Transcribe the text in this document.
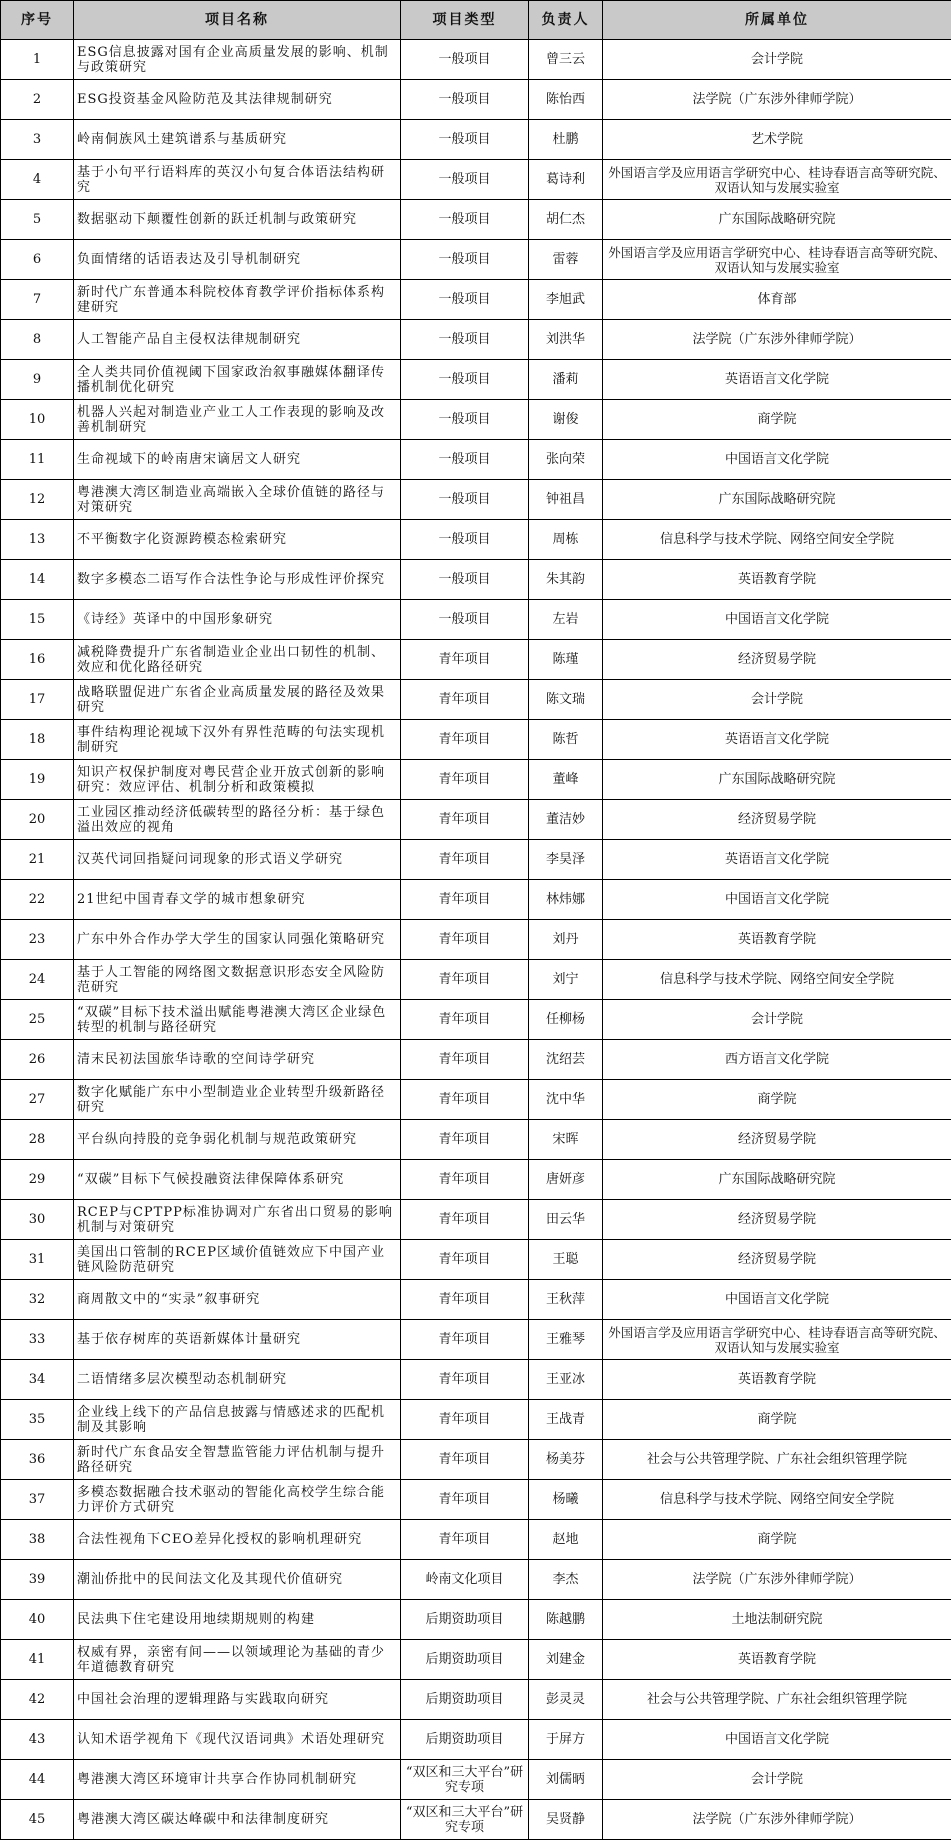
序号	项目名称	项目类型	负责人	所属单位
1	ESG信息披露对国有企业高质量发展的影响、机制与政策研究	一般项目	曾三云	会计学院
2	ESG投资基金风险防范及其法律规制研究	一般项目	陈怡西	法学院（广东涉外律师学院）
3	岭南侗族风土建筑谱系与基质研究	一般项目	杜鹏	艺术学院
4	基于小句平行语料库的英汉小句复合体语法结构研究	一般项目	葛诗利	外国语言学及应用语言学研究中心、桂诗春语言高等研究院、双语认知与发展实验室
5	数据驱动下颠覆性创新的跃迁机制与政策研究	一般项目	胡仁杰	广东国际战略研究院
6	负面情绪的话语表达及引导机制研究	一般项目	雷蓉	外国语言学及应用语言学研究中心、桂诗春语言高等研究院、双语认知与发展实验室
7	新时代广东普通本科院校体育教学评价指标体系构建研究	一般项目	李旭武	体育部
8	人工智能产品自主侵权法律规制研究	一般项目	刘洪华	法学院（广东涉外律师学院）
9	全人类共同价值视阈下国家政治叙事融媒体翻译传播机制优化研究	一般项目	潘莉	英语语言文化学院
10	机器人兴起对制造业产业工人工作表现的影响及改善机制研究	一般项目	谢俊	商学院
11	生命视域下的岭南唐宋谪居文人研究	一般项目	张向荣	中国语言文化学院
12	粤港澳大湾区制造业高端嵌入全球价值链的路径与对策研究	一般项目	钟祖昌	广东国际战略研究院
13	不平衡数字化资源跨模态检索研究	一般项目	周栋	信息科学与技术学院、网络空间安全学院
14	数字多模态二语写作合法性争论与形成性评价探究	一般项目	朱其韵	英语教育学院
15	《诗经》英译中的中国形象研究	一般项目	左岩	中国语言文化学院
16	减税降费提升广东省制造业企业出口韧性的机制、效应和优化路径研究	青年项目	陈瑾	经济贸易学院
17	战略联盟促进广东省企业高质量发展的路径及效果研究	青年项目	陈文瑞	会计学院
18	事件结构理论视域下汉外有界性范畴的句法实现机制研究	青年项目	陈哲	英语语言文化学院
19	知识产权保护制度对粤民营企业开放式创新的影响研究：效应评估、机制分析和政策模拟	青年项目	董峰	广东国际战略研究院
20	工业园区推动经济低碳转型的路径分析：基于绿色溢出效应的视角	青年项目	董洁妙	经济贸易学院
21	汉英代词回指疑问词现象的形式语义学研究	青年项目	李昊泽	英语语言文化学院
22	21世纪中国青春文学的城市想象研究	青年项目	林炜娜	中国语言文化学院
23	广东中外合作办学大学生的国家认同强化策略研究	青年项目	刘丹	英语教育学院
24	基于人工智能的网络图文数据意识形态安全风险防范研究	青年项目	刘宁	信息科学与技术学院、网络空间安全学院
25	“双碳”目标下技术溢出赋能粤港澳大湾区企业绿色转型的机制与路径研究	青年项目	任柳杨	会计学院
26	清末民初法国旅华诗歌的空间诗学研究	青年项目	沈绍芸	西方语言文化学院
27	数字化赋能广东中小型制造业企业转型升级新路径研究	青年项目	沈中华	商学院
28	平台纵向持股的竞争弱化机制与规范政策研究	青年项目	宋晖	经济贸易学院
29	“双碳”目标下气候投融资法律保障体系研究	青年项目	唐妍彦	广东国际战略研究院
30	RCEP与CPTPP标准协调对广东省出口贸易的影响机制与对策研究	青年项目	田云华	经济贸易学院
31	美国出口管制的RCEP区域价值链效应下中国产业链风险防范研究	青年项目	王聪	经济贸易学院
32	商周散文中的“实录”叙事研究	青年项目	王秋萍	中国语言文化学院
33	基于依存树库的英语新媒体计量研究	青年项目	王雅琴	外国语言学及应用语言学研究中心、桂诗春语言高等研究院、双语认知与发展实验室
34	二语情绪多层次模型动态机制研究	青年项目	王亚冰	英语教育学院
35	企业线上线下的产品信息披露与情感述求的匹配机制及其影响	青年项目	王战青	商学院
36	新时代广东食品安全智慧监管能力评估机制与提升路径研究	青年项目	杨美芬	社会与公共管理学院、广东社会组织管理学院
37	多模态数据融合技术驱动的智能化高校学生综合能力评价方式研究	青年项目	杨曦	信息科学与技术学院、网络空间安全学院
38	合法性视角下CEO差异化授权的影响机理研究	青年项目	赵地	商学院
39	潮汕侨批中的民间法文化及其现代价值研究	岭南文化项目	李杰	法学院（广东涉外律师学院）
40	民法典下住宅建设用地续期规则的构建	后期资助项目	陈越鹏	土地法制研究院
41	权威有界，亲密有间——以领域理论为基础的青少年道德教育研究	后期资助项目	刘建金	英语教育学院
42	中国社会治理的逻辑理路与实践取向研究	后期资助项目	彭灵灵	社会与公共管理学院、广东社会组织管理学院
43	认知术语学视角下《现代汉语词典》术语处理研究	后期资助项目	于屏方	中国语言文化学院
44	粤港澳大湾区环境审计共享合作协同机制研究	“双区和三大平台”研究专项	刘儒昞	会计学院
45	粤港澳大湾区碳达峰碳中和法律制度研究	“双区和三大平台”研究专项	吴贤静	法学院（广东涉外律师学院）
